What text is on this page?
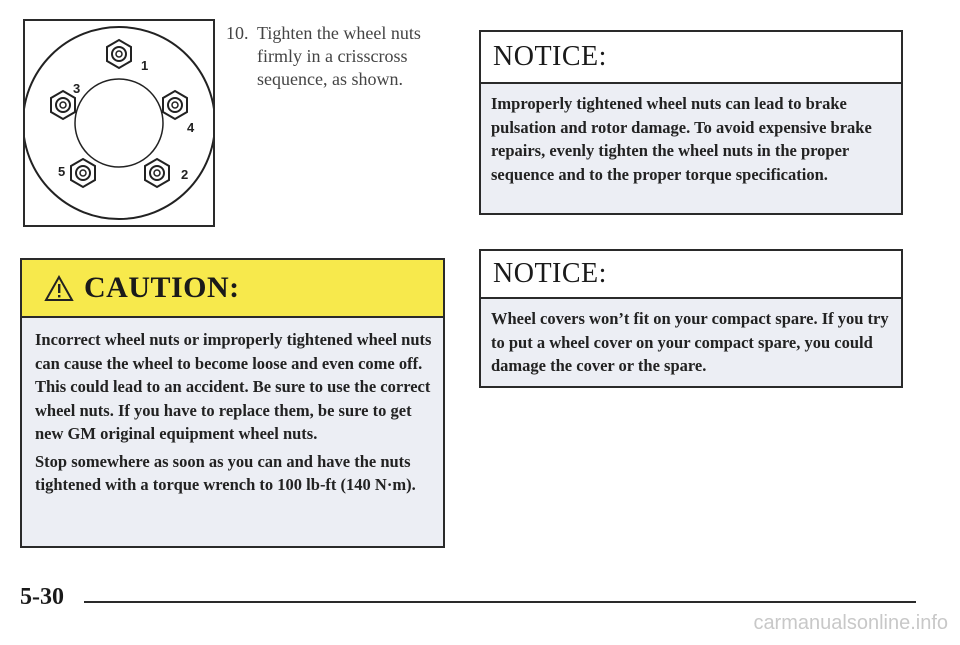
1
2
3
4
5
10. Tighten the wheel nuts firmly in a crisscross sequence, as shown.
NOTICE:
Improperly tightened wheel nuts can lead to brake pulsation and rotor damage. To avoid expensive brake repairs, evenly tighten the wheel nuts in the proper sequence and to the proper torque specification.
CAUTION:

Incorrect wheel nuts or improperly tightened wheel nuts can cause the wheel to become loose and even come off. This could lead to an accident. Be sure to use the correct wheel nuts. If you have to replace them, be sure to get new GM original equipment wheel nuts.

Stop somewhere as soon as you can and have the nuts tightened with a torque wrench to 100 lb-ft (140 N·m).

NOTICE:
Wheel covers won’t fit on your compact spare. If you try to put a wheel cover on your compact spare, you could damage the cover or the spare.
5-30
carmanualsonline.info
